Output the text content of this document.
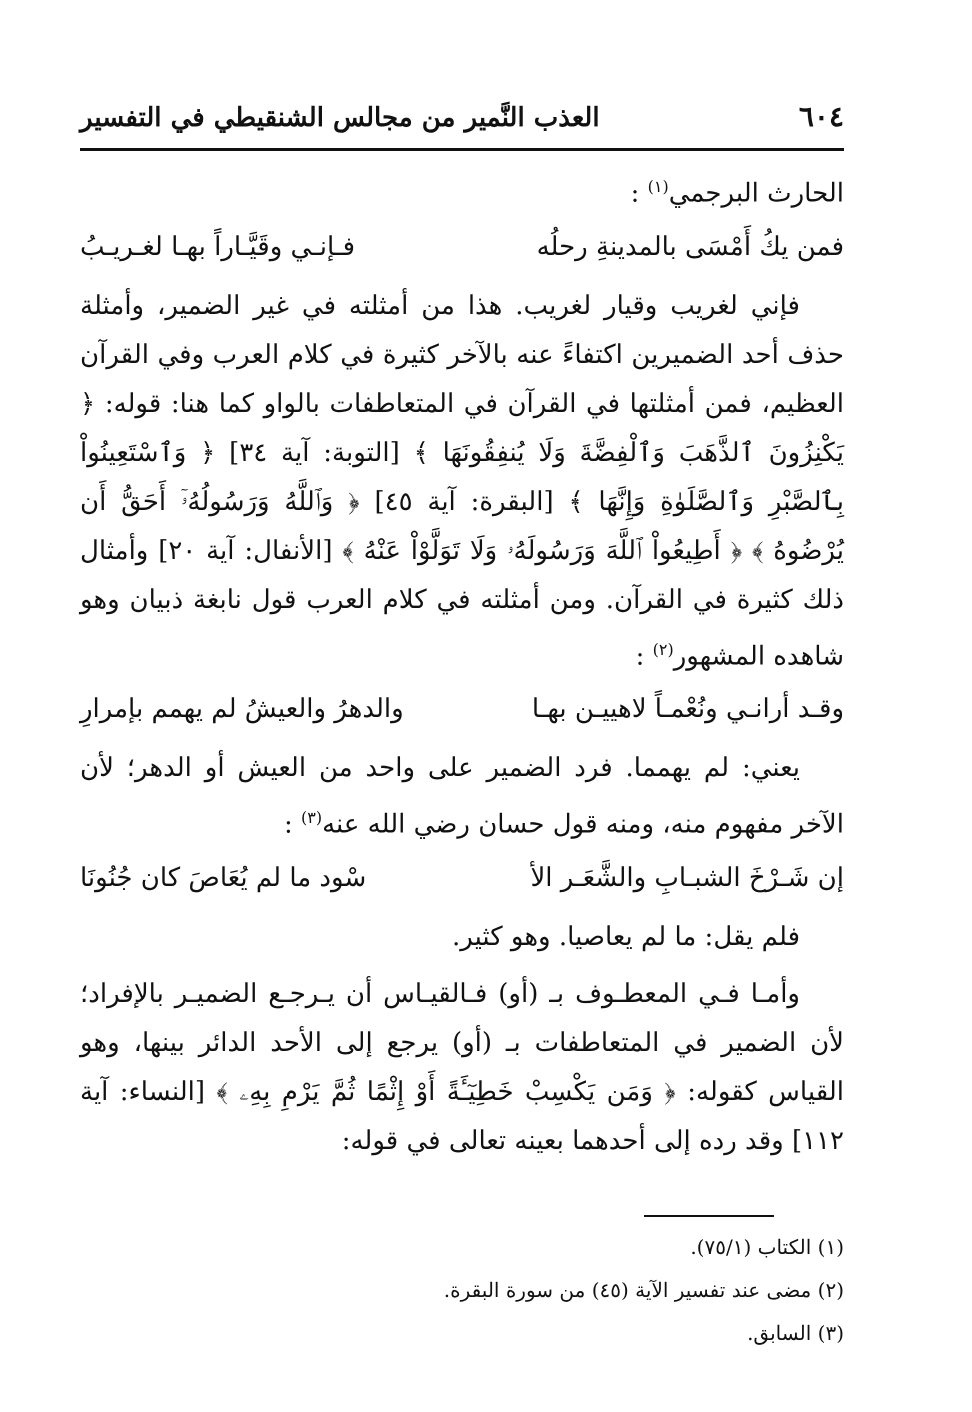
٦٠٤
العذب النَّمير من مجالس الشنقيطي في التفسير

الحارث البرجمي$^{(١)}$ :

فمن يكُ أَمْسَى بالمدينةِ رحلُه
فـإنـي وقَيَّـاراً بهـا لغـريـبُ

فإني لغريب وقيار لغريب. هذا من أمثلته في غير الضمير، وأمثلة حذف أحد الضميرين اكتفاءً عنه بالآخر كثيرة في كلام العرب وفي القرآن العظيم، فمن أمثلتها في القرآن في المتعاطفات بالواو كما هنا: قوله: ﴿ يَكْنِزُونَ ٱلذَّهَبَ وَٱلْفِضَّةَ وَلَا يُنفِقُونَهَا ﴾ [التوبة: آية ٣٤] ﴿ وَٱسْتَعِينُواْ بِٱلصَّبْرِ وَٱلصَّلَوٰةِ وَإِنَّهَا ﴾ [البقرة: آية ٤٥] ﴿ وَٱللَّهُ وَرَسُولُهُۥٓ أَحَقُّ أَن يُرْضُوهُ ﴾ ﴿ أَطِيعُواْ ٱللَّهَ وَرَسُولَهُۥ وَلَا تَوَلَّوْاْ عَنْهُ ﴾ [الأنفال: آية ٢٠] وأمثال ذلك كثيرة في القرآن. ومن أمثلته في كلام العرب قول نابغة ذبيان وهو شاهده المشهور$^{(٢)}$ :

وقـد أرانـي ونُعْمـاً لاهييـن بهـا
والدهرُ والعيشُ لم يهمم بإمرارِ

يعني: لم يهمما. فرد الضمير على واحد من العيش أو الدهر؛ لأن الآخر مفهوم منه، ومنه قول حسان رضي الله عنه$^{(٣)}$ :

إن شَـرْخَ الشبـابِ والشَّعَـر الأ
سْود ما لم يُعَاصَ كان جُنُونَا

فلم يقل: ما لم يعاصيا. وهو كثير.

وأمـا فـي المعطـوف بـ (أو) فـالقيـاس أن يـرجـع الضميـر بالإفراد؛ لأن الضمير في المتعاطفات بـ (أو) يرجع إلى الأحد الدائر بينها، وهو القياس كقوله: ﴿ وَمَن يَكْسِبْ خَطِيٓـَٔةً أَوْ إِثْمًا ثُمَّ يَرْمِ بِهِۦ ﴾ [النساء: آية ١١٢] وقد رده إلى أحدهما بعينه تعالى في قوله:

(١) الكتاب (٧٥/١).
(٢) مضى عند تفسير الآية (٤٥) من سورة البقرة.
(٣) السابق.
